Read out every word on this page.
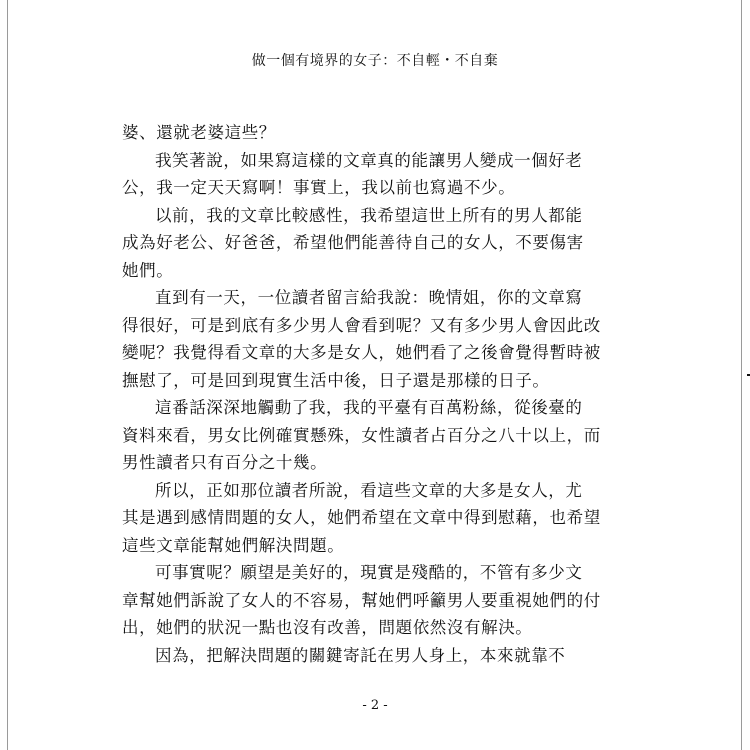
做一個有境界的女子：不自輕・不自棄
婆、還就老婆這些？
我笑著說，如果寫這樣的文章真的能讓男人變成一個好老
公，我一定天天寫啊！事實上，我以前也寫過不少。
以前，我的文章比較感性，我希望這世上所有的男人都能
成為好老公、好爸爸，希望他們能善待自己的女人，不要傷害
她們。
直到有一天，一位讀者留言給我說：晚情姐，你的文章寫
得很好，可是到底有多少男人會看到呢？又有多少男人會因此改
變呢？我覺得看文章的大多是女人，她們看了之後會覺得暫時被
撫慰了，可是回到現實生活中後，日子還是那樣的日子。
這番話深深地觸動了我，我的平臺有百萬粉絲，從後臺的
資料來看，男女比例確實懸殊，女性讀者占百分之八十以上，而
男性讀者只有百分之十幾。
所以，正如那位讀者所說，看這些文章的大多是女人，尤
其是遇到感情問題的女人，她們希望在文章中得到慰藉，也希望
這些文章能幫她們解決問題。
可事實呢？願望是美好的，現實是殘酷的，不管有多少文
章幫她們訴說了女人的不容易，幫她們呼籲男人要重視她們的付
出，她們的狀況一點也沒有改善，問題依然沒有解決。
因為，把解決問題的關鍵寄託在男人身上，本來就靠不
- 2 -
